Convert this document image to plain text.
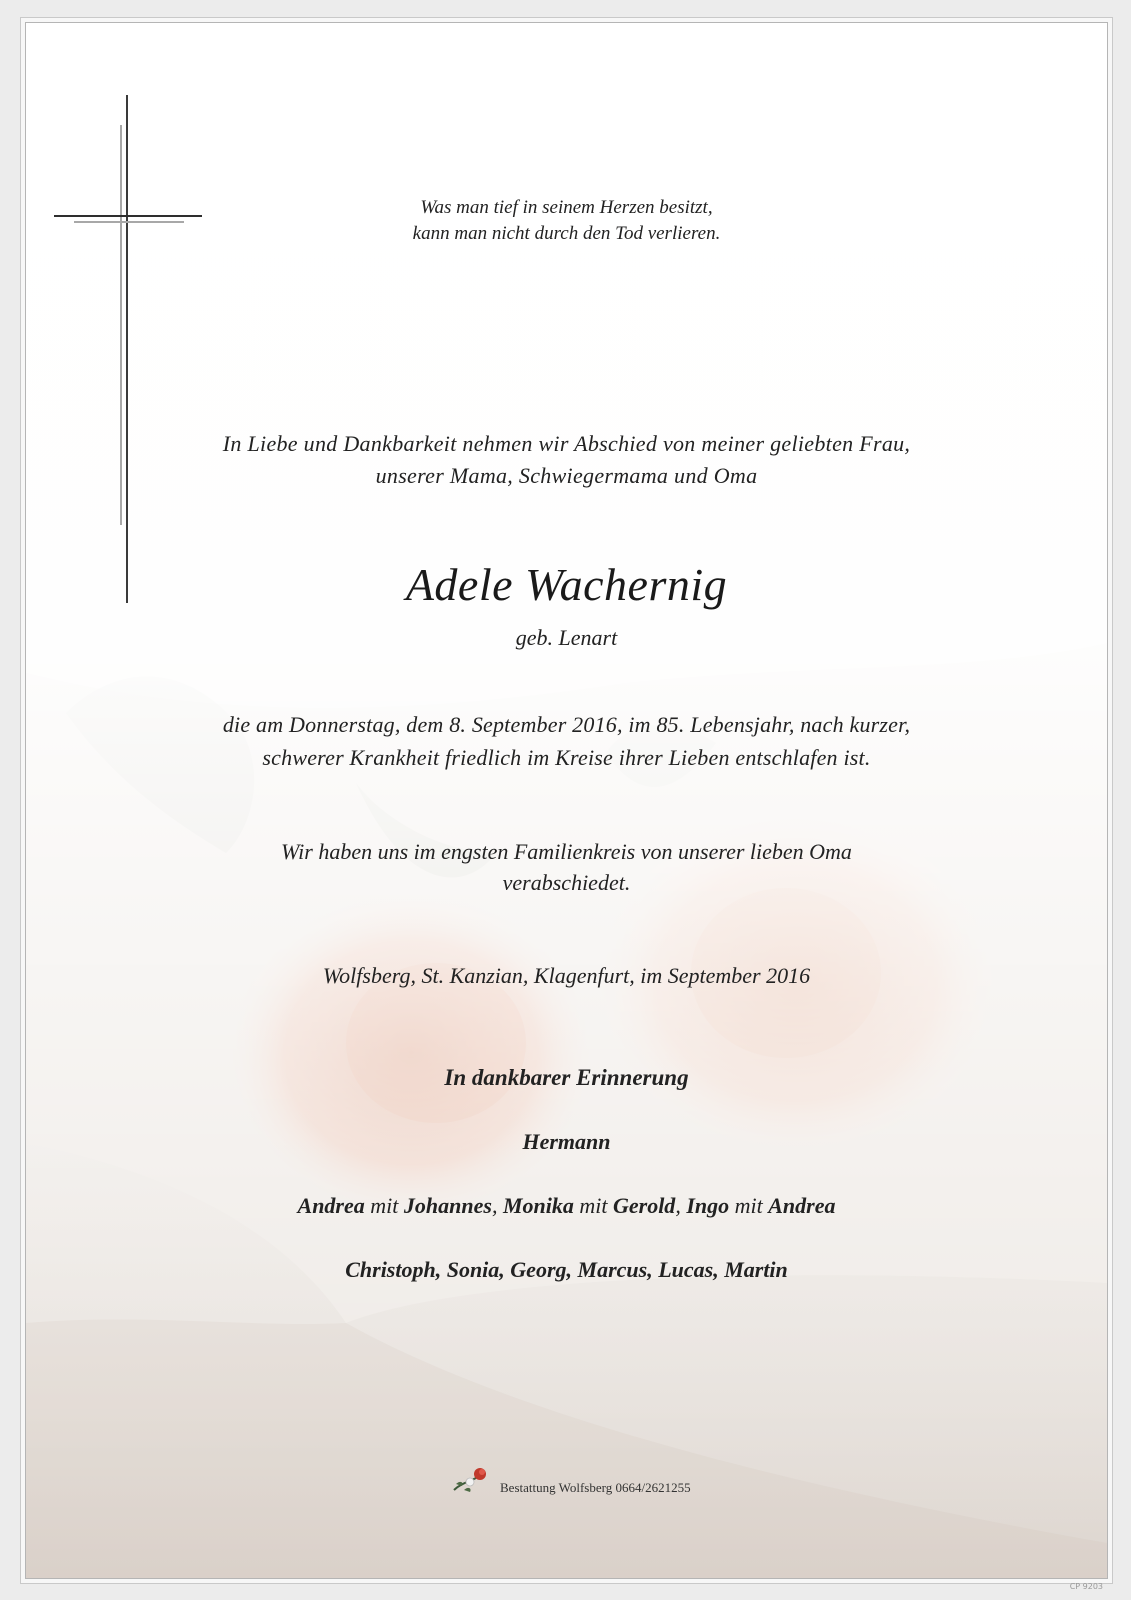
Was man tief in seinem Herzen besitzt,
kann man nicht durch den Tod verlieren.
In Liebe und Dankbarkeit nehmen wir Abschied von meiner geliebten Frau,
unserer Mama, Schwiegermama und Oma
Adele Wachernig
geb. Lenart
die am Donnerstag, dem 8. September 2016, im 85. Lebensjahr, nach kurzer,
schwerer Krankheit friedlich im Kreise ihrer Lieben entschlafen ist.
Wir haben uns im engsten Familienkreis von unserer lieben Oma
verabschiedet.
Wolfsberg, St. Kanzian, Klagenfurt, im September 2016
In dankbarer Erinnerung
Hermann
Andrea mit Johannes, Monika mit Gerold, Ingo mit Andrea
Christoph, Sonia, Georg, Marcus, Lucas, Martin
Bestattung Wolfsberg 0664/2621255
CP 9203
